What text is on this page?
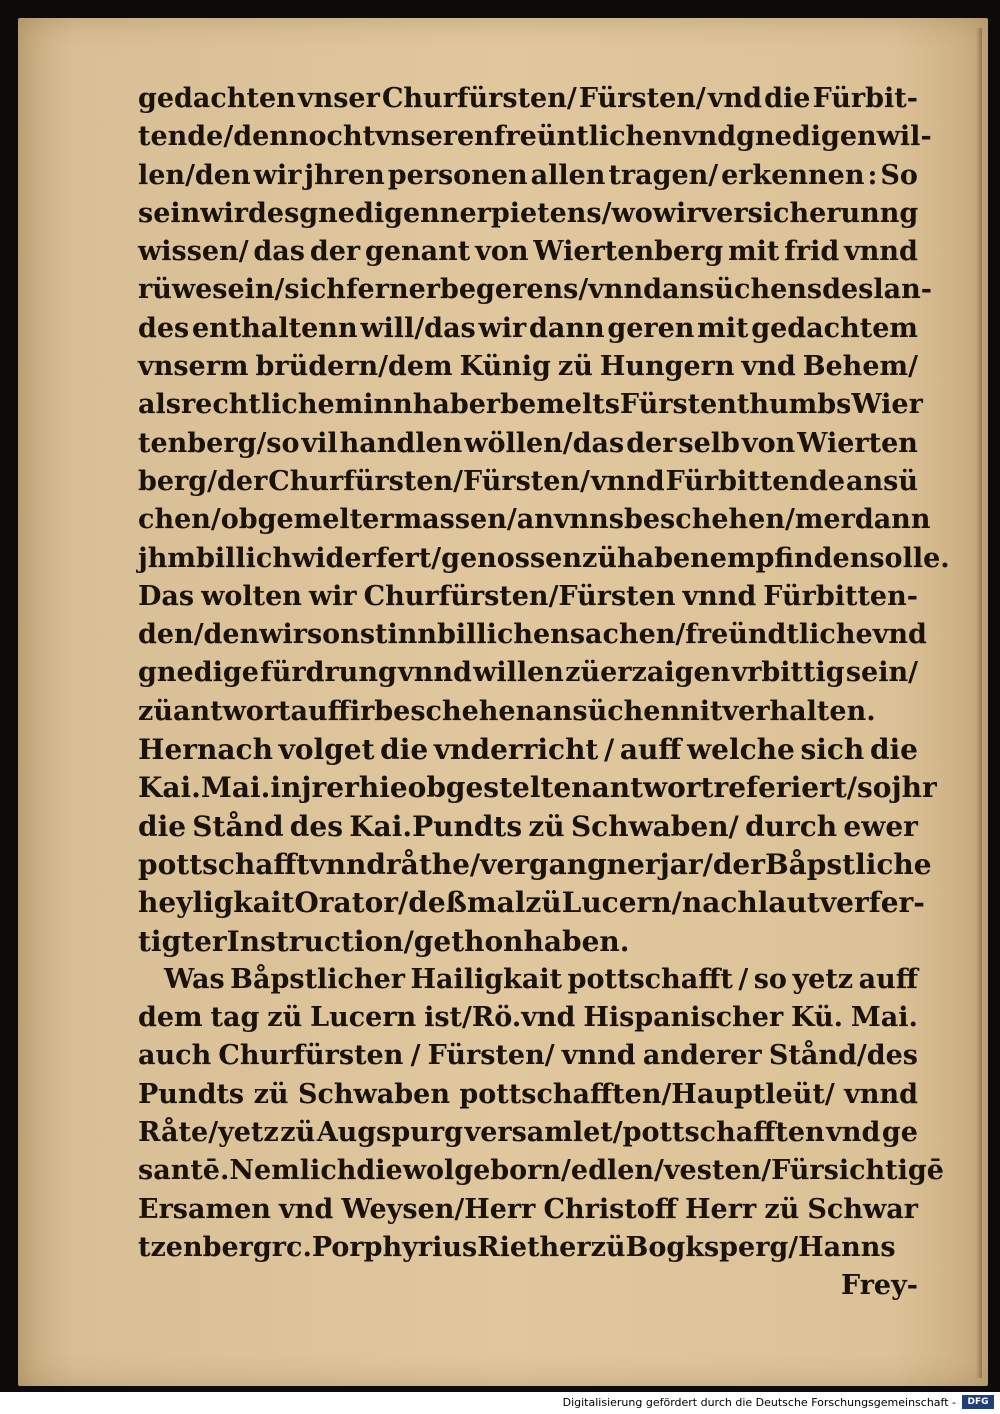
gedachten vnser Churfürsten/ Fürsten/ vnd die Fürbit-
tende/dennocht vnseren freüntlichen vnd gnedigen wil-
len/den wir jhren personen allen tragen/ erkennen : So
sein wir des gnedigenn erpietens/wo wir versicherunng
wissen/ das der genant von Wiertenberg mit frid vnnd
rüwe sein/sich ferner begerens/ vnnd ansüchens des lan-
des enthaltenn will/das wir dann geren mit gedachtem
vnserm brüdern/dem Künig zü Hungern vnd Behem/
als rechtlichem innhaber bemelts Fürstenthumbs Wier
tenberg/so vil handlen wöllen/das der selb von Wierten
berg/der Churfürsten/Fürsten/ vnnd Fürbittende ansü
chen/obgemelter massen/an vnns beschehen / mer dann
jhm billich widerfert/genossen zü haben empfinden solle.
Das wolten wir Churfürsten/Fürsten vnnd Fürbitten-
den/den wir sonst inn billichen sachen/ freündtliche vnd
gnedige fürdrung vnnd willen züerzaigen vrbittig sein/
zü antwort auff ir beschehen ansüchen nit verhalten.
Hernach volget die vnderricht / auff welche sich die
Kai.Mai.in jrer hie obgestelten antwort referiert/ so jhr
die Stånd des Kai.Pundts zü Schwaben/ durch ewer
pottschafft vnnd råthe/vergangner jar/ der Båpstliche
heyligkait Orator/deßmal zü Lucern/nach laut verfer-
tigter Instruction/gethon haben.
Was Båpstlicher Hailigkait pottschafft / so yetz auff
dem tag zü Lucern ist/Rö.vnd Hispanischer Kü. Mai.
auch Churfürsten / Fürsten/ vnnd anderer Stånd/des
Pundts zü Schwaben pottschafften/Hauptleüt/ vnnd
Råte/yetz zü Augspurg versamlet/pottschafften vnd ge
santē.Nemlich die wolgeborn/edlen/vesten/Fürsichtigē
Ersamen vnd Weysen/Herr Christoff Herr zü Schwar
tzenberg rc.Porphyrius Riether zü Bogksperg/Hanns
Frey-
Digitalisierung gefördert durch die Deutsche Forschungsgemeinschaft -	DFG
